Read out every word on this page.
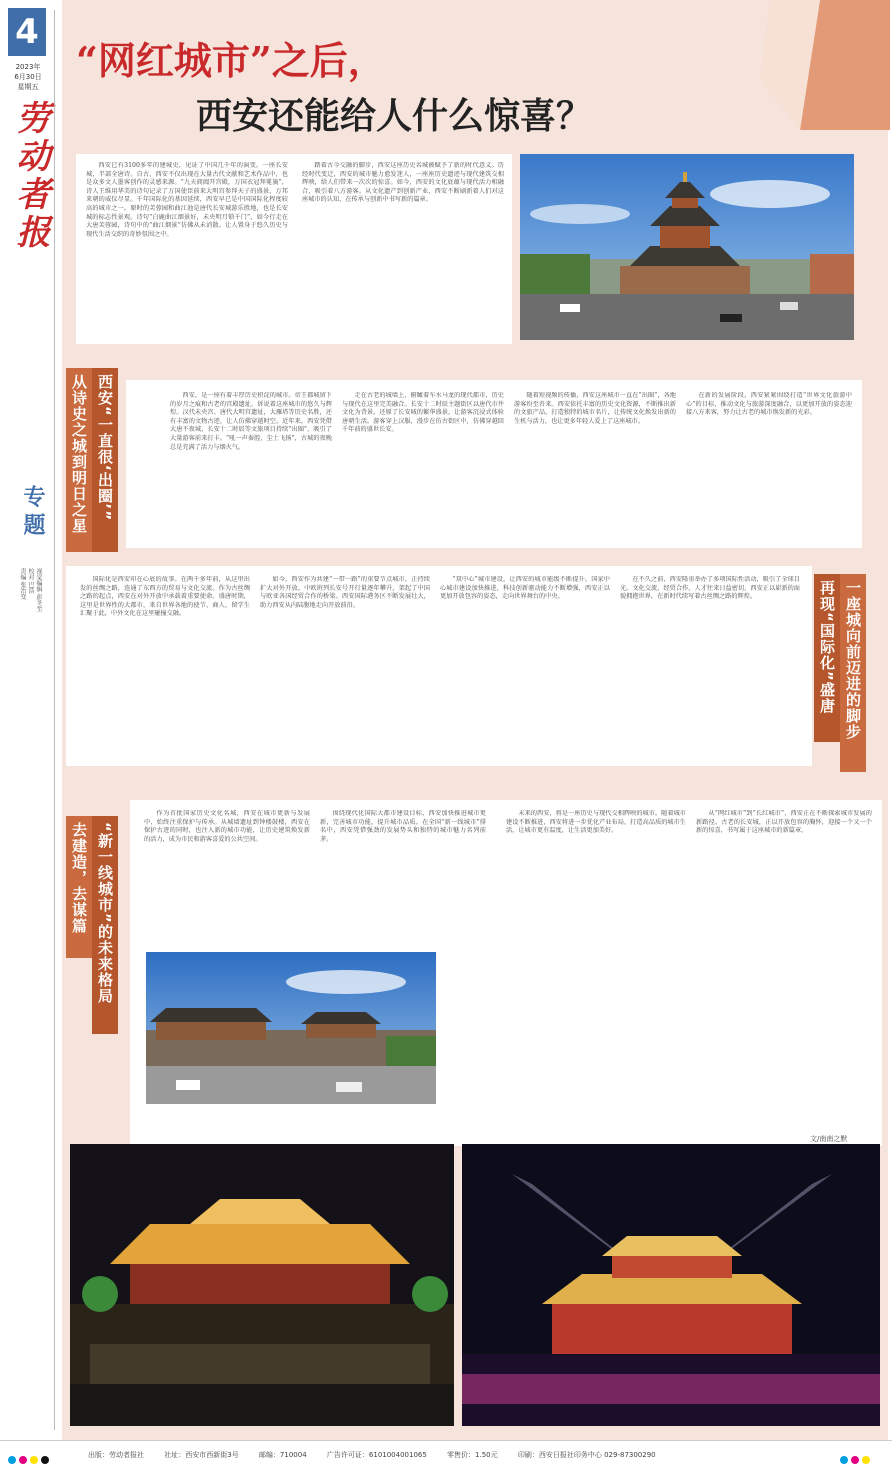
4
2023年
6月30日
星期五
劳动者报
专题
视觉编辑 彭冬至
校对 巴浩
责编 张治变
“网红城市”之后，
西安还能给人什么惊喜？

西安已有3100多年的建城史，见证了中国几千年的演变。一座长安城，半部全唐诗。自古，西安不仅出现在大量古代文献和艺术作品中，也是众多文人墨客创作的灵感来源。“九天阊阖开宫殿，万国衣冠拜冕旒”，诗人王维用华美的诗句记录了万国使臣前来大明宫参拜天子的盛景，万邦来朝的威仪尽显。千年国际化的基因延续，西安早已是中国国际化程度较高的城市之一。原时的芙蓉园和曲江池是唐代长安城游乐胜地，也是长安城的标志性景观。诗句“白鹿曲江烟景好，未央明月锁千门”，如今行走在大唐芙蓉园，诗句中的“曲江烟景”仿佛从未消散。让人置身于悠久历史与现代生活交织的奇妙氛围之中。

踏着古今交融的脚步，西安这座历史名城被赋予了新的时代意义。历经时代变迁，西安的城市魅力愈发迷人，一座座历史遗迹与现代建筑交相辉映，给人们带来一次次的惊喜。如今，西安的文化底蕴与现代活力相融合，吸引着八方游客。从文化遗产到创新产业，西安不断刷新着人们对这座城市的认知，在传承与创新中书写新的篇章。

西安“一直很‘出圈’”
从诗史之城到明日之星	西安，是一座有着丰厚历史积淀的城市。帝王都城留下的岁月之痕和古老的宫殿遗址，诉说着这座城市的悠久与辉煌。汉代未央宫、唐代大明宫遗址，大雁塔等历史名胜，还有丰富的文物古迹，让人仿佛穿越时空。近年来，西安凭借大唐不夜城、长安十二时辰等文旅项目持续“出圈”，吸引了大量游客前来打卡。“吼一声秦腔，尘土飞扬”，古城的夜晚总是充满了活力与烟火气。

走在古老的城墙上，俯瞰着车水马龙的现代都市，历史与现代在这里完美融合。长安十二时辰主题街区以唐代市井文化为背景，还原了长安城的繁华盛景，让游客沉浸式体验唐朝生活。游客穿上汉服，漫步在仿古街区中，仿佛穿越回千年前的盛世长安。

随着短视频的传播，西安这座城市一直在“出圈”，各地游客纷至沓来。西安依托丰富的历史文化资源，不断推出新的文旅产品，打造独特的城市名片，让传统文化焕发出新的生机与活力，也让更多年轻人爱上了这座城市。

在新的发展阶段，西安紧紧围绕打造“世界文化旅游中心”的目标，推动文化与旅游深度融合，以更加开放的姿态迎接八方来客，努力让古老的城市焕发新的光彩。

国际化是西安印在心底的故事。在两千多年前，从这里出发的丝绸之路，连通了东西方的贸易与文化交流。作为古丝绸之路的起点，西安在对外开放中承载着重要使命。盛唐时期，这里是世界性的大都市，来自世界各地的使节、商人、留学生汇聚于此，中外文化在这里碰撞交融。

如今，西安作为共建“一带一路”的重要节点城市，正持续扩大对外开放。中欧班列长安号开行量逐年攀升，架起了中国与欧亚各国经贸合作的桥梁。西安国际港务区不断发展壮大，助力西安从内陆腹地走向开放前沿。

“双中心”城市建设，让西安的城市能级不断提升。国家中心城市建设加快推进，科技创新驱动能力不断增强，西安正以更加开放包容的姿态，走向世界舞台的中央。

在不久之前，西安隆重举办了多项国际性活动，吸引了全球目光。文化交流、经贸合作、人才往来日益密切，西安正以崭新的面貌拥抱世界，在新时代续写着古丝绸之路的辉煌。	再现“国际化”盛唐 一座城向前迈进的脚步
“新一线城市”的未来格局
去建造，去谋篇

作为首批国家历史文化名城，西安在城市更新与发展中，始终注重保护与传承。从城墙遗址到钟楼鼓楼，西安在保护古迹的同时，也注入新的城市功能，让历史建筑焕发新的活力，成为市民和游客喜爱的公共空间。

围绕现代化国际大都市建设目标，西安加快推进城市更新，完善城市功能，提升城市品质。在全国“新一线城市”排名中，西安凭借强劲的发展势头和独特的城市魅力名列前茅。

未来的西安，将是一座历史与现代交相辉映的城市。随着城市建设不断推进，西安将进一步优化产业布局，打造高品质的城市生活，让城市更有温度，让生活更加美好。

从“网红城市”到“长红城市”，西安正在不断探索城市发展的新路径。古老的长安城，正以开放包容的胸怀，迎接一个又一个新的惊喜，书写属于这座城市的新篇章。

文/南南之默
出版：劳动者报社	社址：西安市西新街3号	邮编：710004	广告许可证：6101004001065	零售价：1.50元	印刷：西安日报社印务中心 029-87300290
